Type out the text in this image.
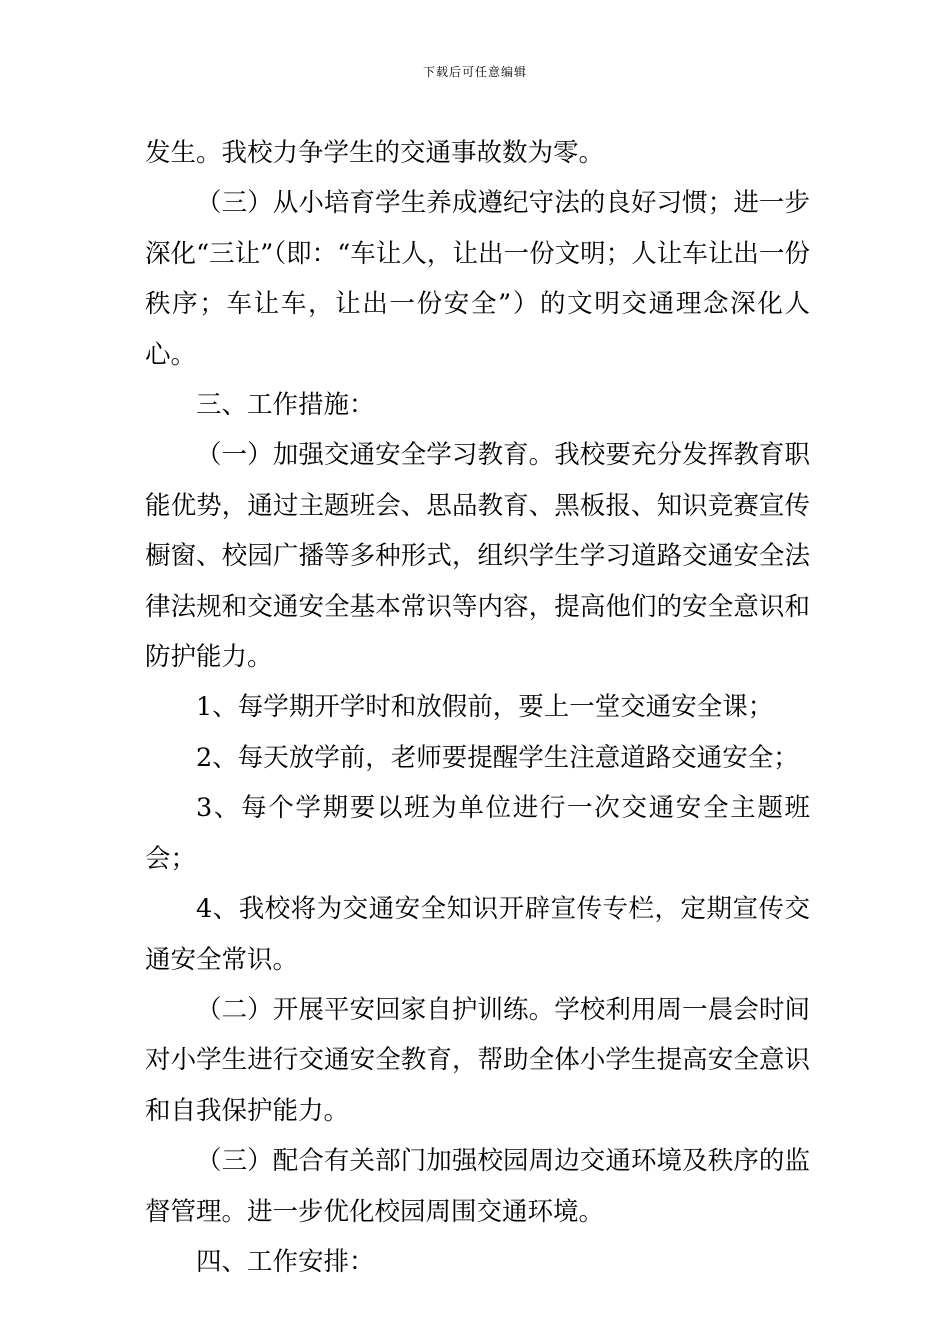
下载后可任意编辑

发生。我校力争学生的交通事故数为零。

（三）从小培育学生养成遵纪守法的良好习惯；进一步深化“三让”（即：“车让人，让出一份文明；人让车让出一份秩序；车让车，让出一份安全”）的文明交通理念深化人心。

三、工作措施：

（一）加强交通安全学习教育。我校要充分发挥教育职能优势，通过主题班会、思品教育、黑板报、知识竞赛宣传橱窗、校园广播等多种形式，组织学生学习道路交通安全法律法规和交通安全基本常识等内容，提高他们的安全意识和防护能力。

1、每学期开学时和放假前，要上一堂交通安全课；

2、每天放学前，老师要提醒学生注意道路交通安全；

3、每个学期要以班为单位进行一次交通安全主题班会；

4、我校将为交通安全知识开辟宣传专栏，定期宣传交通安全常识。

（二）开展平安回家自护训练。学校利用周一晨会时间对小学生进行交通安全教育，帮助全体小学生提高安全意识和自我保护能力。

（三）配合有关部门加强校园周边交通环境及秩序的监督管理。进一步优化校园周围交通环境。

四、工作安排：
